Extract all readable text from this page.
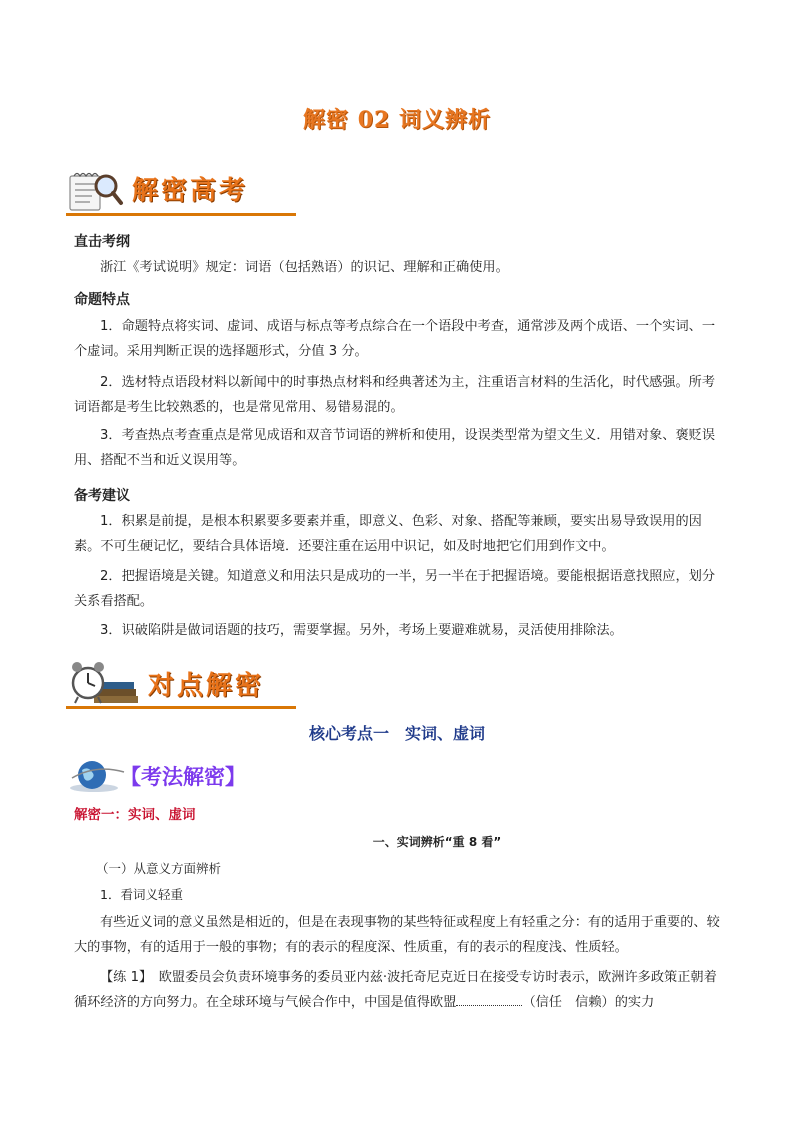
解密 02 词义辨析
解密高考
直击考纲
浙江《考试说明》规定：词语（包括熟语）的识记、理解和正确使用。
命题特点
1．命题特点将实词、虚词、成语与标点等考点综合在一个语段中考查，通常涉及两个成语、一个实词、一个虚词。采用判断正误的选择题形式，分值 3 分。
2．选材特点语段材料以新闻中的时事热点材料和经典著述为主，注重语言材料的生活化，时代感强。所考词语都是考生比较熟悉的，也是常见常用、易错易混的。
3．考查热点考查重点是常见成语和双音节词语的辨析和使用，设误类型常为望文生义．用错对象、褒贬误用、搭配不当和近义误用等。
备考建议
1．积累是前提，是根本积累要多要素并重，即意义、色彩、对象、搭配等兼顾，要实出易导致误用的因素。不可生硬记忆，要结合具体语境．还要注重在运用中识记，如及时地把它们用到作文中。
2．把握语境是关键。知道意义和用法只是成功的一半，另一半在于把握语境。要能根据语意找照应，划分关系看搭配。
3．识破陷阱是做词语题的技巧，需要掌握。另外，考场上要避难就易，灵活使用排除法。
对点解密
核心考点一　实词、虚词
【考法解密】
解密一：实词、虚词
一、实词辨析“重 8 看”
（一）从意义方面辨析
1．看词义轻重
有些近义词的意义虽然是相近的，但是在表现事物的某些特征或程度上有轻重之分：有的适用于重要的、较大的事物，有的适用于一般的事物；有的表示的程度深、性质重，有的表示的程度浅、性质轻。
【练 1】　欧盟委员会负责环境事务的委员亚内兹·波托奇尼克近日在接受专访时表示，欧洲许多政策正朝着循环经济的方向努力。在全球环境与气候合作中，中国是值得欧盟	（信任　信赖）的实力
